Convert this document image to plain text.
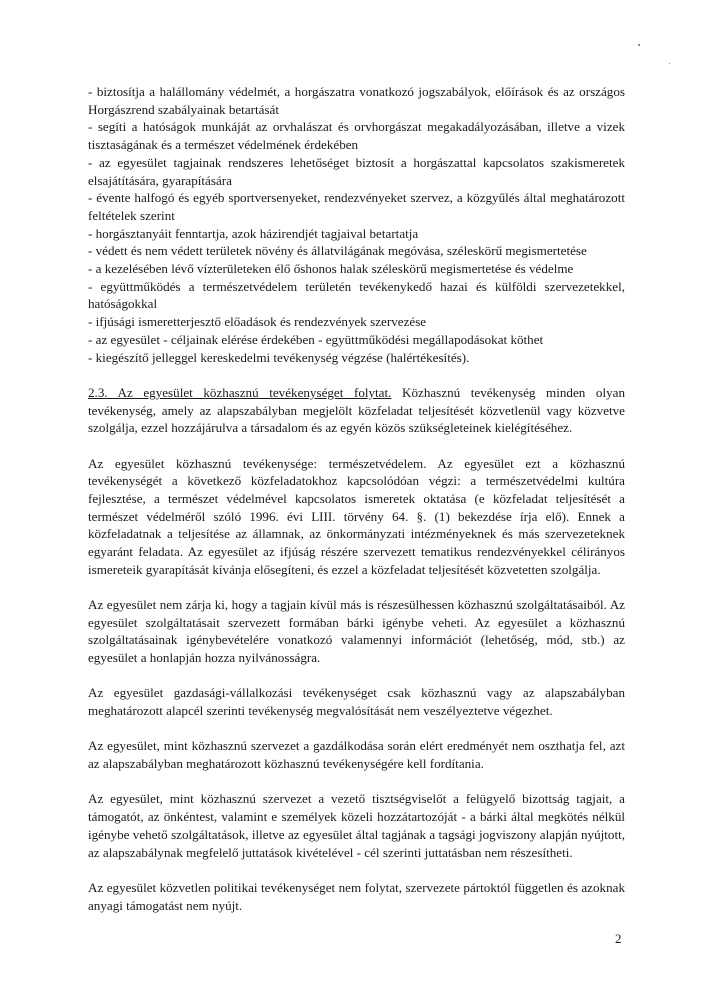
- biztosítja a halállomány védelmét, a horgászatra vonatkozó jogszabályok, előírások és az országos Horgászrend szabályainak betartását
- segíti a hatóságok munkáját az orvhalászat és orvhorgászat megakadályozásában, illetve a vizek tisztaságának és a természet védelmének érdekében
- az egyesület tagjainak rendszeres lehetőséget biztosít a horgászattal kapcsolatos szakismeretek elsajátítására, gyarapítására
- évente halfogó és egyéb sportversenyeket, rendezvényeket szervez, a közgyűlés által meghatározott feltételek szerint
- horgásztanyáit fenntartja, azok házirendjét tagjaival betartatja
- védett és nem védett területek növény és állatvilágának megóvása, széleskörű megismertetése
- a kezelésében lévő vízterületeken élő őshonos halak széleskörű megismertetése és védelme
- együttműködés a természetvédelem területén tevékenykedő hazai és külföldi szervezetekkel, hatóságokkal
- ifjúsági ismeretterjesztő előadások és rendezvények szervezése
- az egyesület - céljainak elérése érdekében - együttműködési megállapodásokat köthet
- kiegészítő jelleggel kereskedelmi tevékenység végzése (halértékesítés).

2.3. Az egyesület közhasznú tevékenységet folytat. Közhasznú tevékenység minden olyan tevékenység, amely az alapszabályban megjelölt közfeladat teljesítését közvetlenül vagy közvetve szolgálja, ezzel hozzájárulva a társadalom és az egyén közös szükségleteinek kielégítéséhez.

Az egyesület közhasznú tevékenysége: természetvédelem. Az egyesület ezt a közhasznú tevékenységét a következő közfeladatokhoz kapcsolódóan végzi: a természetvédelmi kultúra fejlesztése, a természet védelmével kapcsolatos ismeretek oktatása (e közfeladat teljesítését a természet védelméről szóló 1996. évi LIII. törvény 64. §. (1) bekezdése írja elő). Ennek a közfeladatnak a teljesítése az államnak, az önkormányzati intézményeknek és más szervezeteknek egyaránt feladata. Az egyesület az ifjúság részére szervezett tematikus rendezvényekkel célirányos ismereteik gyarapítását kívánja elősegíteni, és ezzel a közfeladat teljesítését közvetetten szolgálja.

Az egyesület nem zárja ki, hogy a tagjain kívül más is részesülhessen közhasznú szolgáltatásaiból. Az egyesület szolgáltatásait szervezett formában bárki igénybe veheti. Az egyesület a közhasznú szolgáltatásainak igénybevételére vonatkozó valamennyi információt (lehetőség, mód, stb.) az egyesület a honlapján hozza nyilvánosságra.

Az egyesület gazdasági-vállalkozási tevékenységet csak közhasznú vagy az alapszabályban meghatározott alapcél szerinti tevékenység megvalósítását nem veszélyeztetve végezhet.

Az egyesület, mint közhasznú szervezet a gazdálkodása során elért eredményét nem oszthatja fel, azt az alapszabályban meghatározott közhasznú tevékenységére kell fordítania.

Az egyesület, mint közhasznú szervezet a vezető tisztségviselőt a felügyelő bizottság tagjait, a támogatót, az önkéntest, valamint e személyek közeli hozzátartozóját - a bárki által megkötés nélkül igénybe vehető szolgáltatások, illetve az egyesület által tagjának a tagsági jogviszony alapján nyújtott, az alapszabálynak megfelelő juttatások kivételével - cél szerinti juttatásban nem részesítheti.

Az egyesület közvetlen politikai tevékenységet nem folytat, szervezete pártoktól független és azoknak anyagi támogatást nem nyújt.

2
